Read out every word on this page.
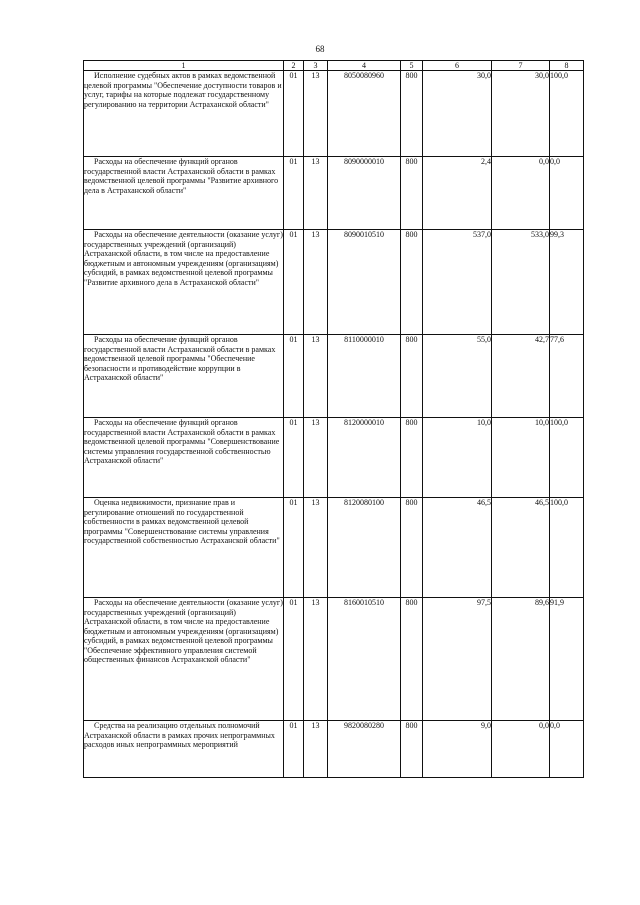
68
1	2	3	4	5	6	7	8
Исполнение судебных актов в рамках ведомственной целевой программы "Обеспечение доступности товаров и услуг, тарифы на которые подлежат государственному регулированию на территории Астраханской области"	01	13	8050080960	800	30,0	30,0	100,0
Расходы на обеспечение функций органов государственной власти Астраханской области в рамках ведомственной целевой программы "Развитие архивного дела в Астраханской области"	01	13	8090000010	800	2,4	0,0	0,0
Расходы на обеспечение деятельности (оказание услуг) государственных учреждений (организаций) Астраханской области, в том числе на предоставление бюджетным и автономным учреждениям (организациям) субсидий, в рамках ведомственной целевой программы "Развитие архивного дела в Астраханской области"	01	13	8090010510	800	537,0	533,0	99,3
Расходы на обеспечение функций органов государственной власти Астраханской области в рамках ведомственной целевой программы "Обеспечение безопасности и противодействие коррупции в Астраханской области"	01	13	8110000010	800	55,0	42,7	77,6
Расходы на обеспечение функций органов государственной власти Астраханской области в рамках ведомственной целевой программы "Совершенствование системы управления государственной собственностью Астраханской области"	01	13	8120000010	800	10,0	10,0	100,0
Оценка недвижимости, признание прав и регулирование отношений по государственной собственности в рамках ведомственной целевой программы "Совершенствование системы управления государственной собственностью Астраханской области"	01	13	8120080100	800	46,5	46,5	100,0
Расходы на обеспечение деятельности (оказание услуг) государственных учреждений (организаций) Астраханской области, в том числе на предоставление бюджетным и автономным учреждениям (организациям) субсидий, в рамках ведомственной целевой программы "Обеспечение эффективного управления системой общественных финансов Астраханской области"	01	13	8160010510	800	97,5	89,6	91,9
Средства на реализацию отдельных полномочий Астраханской области в рамках прочих непрограммных расходов иных непрограммных мероприятий	01	13	9820080280	800	9,0	0,0	0,0
